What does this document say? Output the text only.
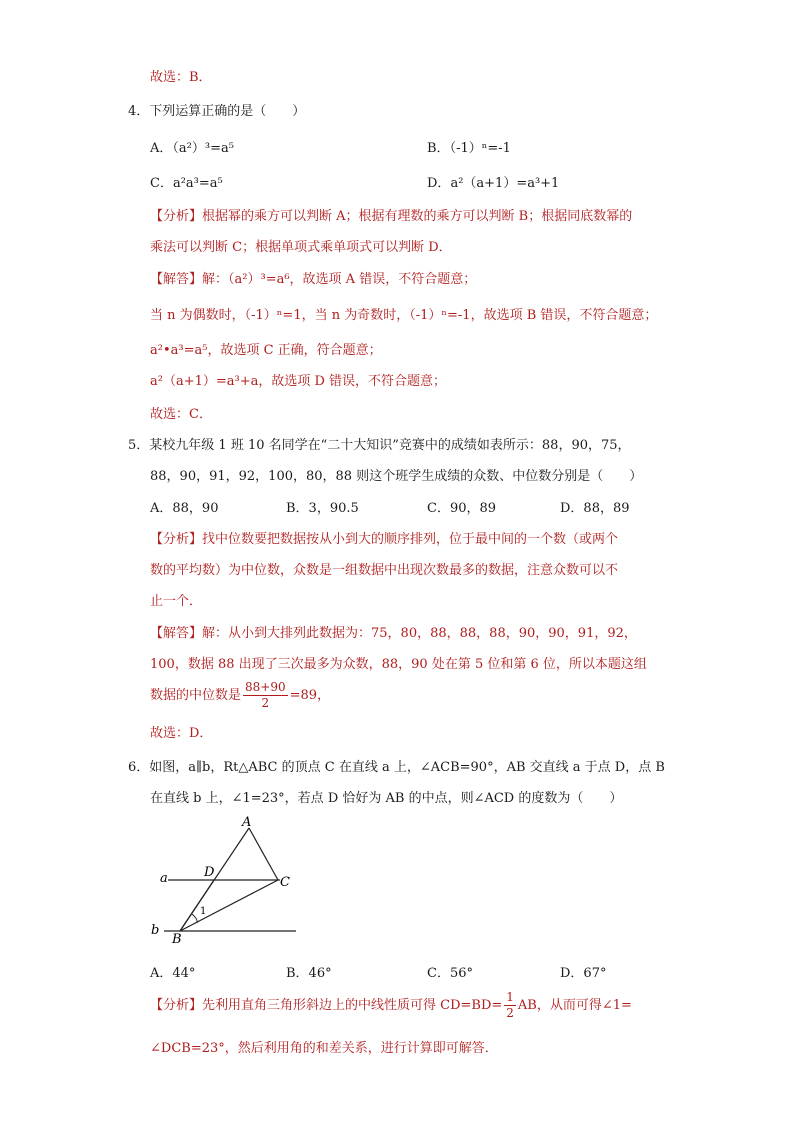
故选：B．
4．下列运算正确的是（　　）
A．（a²）³=a⁵	B．（-1）ⁿ=-1
C．a²a³=a⁵	D．a²（a+1）=a³+1
【分析】根据幂的乘方可以判断 A；根据有理数的乘方可以判断 B；根据同底数幂的
乘法可以判断 C；根据单项式乘单项式可以判断 D．
【解答】解：（a²）³=a⁶，故选项 A 错误，不符合题意；
当 n 为偶数时，（-1）ⁿ=1，当 n 为奇数时，（-1）ⁿ=-1，故选项 B 错误，不符合题意；
a²•a³=a⁵，故选项 C 正确，符合题意；
a²（a+1）=a³+a，故选项 D 错误，不符合题意；
故选：C．
5．某校九年级 1 班 10 名同学在“二十大知识”竞赛中的成绩如表所示：88，90，75，
88，90，91，92，100，80，88 则这个班学生成绩的众数、中位数分别是（　　）
A．88，90	B．3，90.5	C．90，89	D．88，89
【分析】找中位数要把数据按从小到大的顺序排列，位于最中间的一个数（或两个
数的平均数）为中位数，众数是一组数据中出现次数最多的数据，注意众数可以不
止一个．
【解答】解：从小到大排列此数据为：75，80，88，88，88，90，90，91，92，
100，数据 88 出现了三次最多为众数，88，90 处在第 5 位和第 6 位，所以本题这组
数据的中位数是 $\frac{88+90}{2} =89$，
故选：D．
6．如图，a∥b，Rt△ABC 的顶点 C 在直线 a 上，∠ACB=90°，AB 交直线 a 于点 D，点 B
在直线 b 上，∠1=23°，若点 D 恰好为 AB 的中点，则∠ACD 的度数为（　　）
A
D
C
B
a
b
1
A．44°	B．46°	C．56°	D．67°
【分析】先利用直角三角形斜边上的中线性质可得 $CD=BD= \frac{1}{2}$ AB，从而可得∠1=
∠DCB=23°，然后利用角的和差关系，进行计算即可解答．
